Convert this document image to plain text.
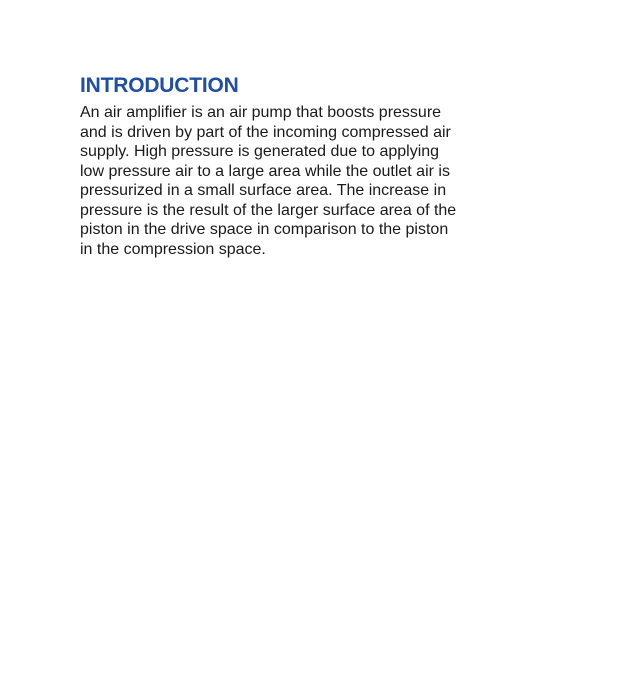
INTRODUCTION

An air amplifier is an air pump that boosts pressure
and is driven by part of the incoming compressed air
supply. High pressure is generated due to applying
low pressure air to a large area while the outlet air is
pressurized in a small surface area. The increase in
pressure is the result of the larger surface area of the
piston in the drive space in comparison to the piston
in the compression space.
